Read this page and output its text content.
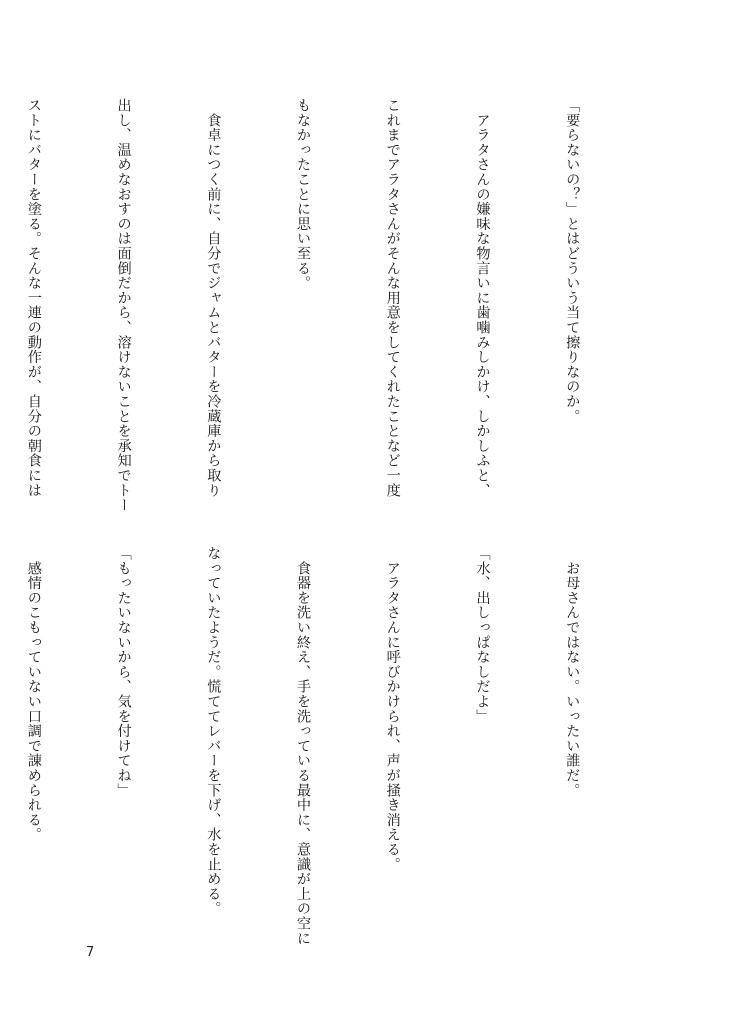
「要らないの？」とはどういう当て擦りなのか。

　アラタさんの嫌味な物言いに歯噛みしかけ、しかしふと、

これまでアラタさんがそんな用意をしてくれたことなど一度

もなかったことに思い至る。

　食卓につく前に、自分でジャムとバターを冷蔵庫から取り

出し、温めなおすのは面倒だから、溶けないことを承知でトー

ストにバターを塗る。そんな一連の動作が、自分の朝食には

　お母さんではない。いったい誰だ。

「水、出しっぱなしだよ」

　アラタさんに呼びかけられ、声が掻き消える。

　食器を洗い終え、手を洗っている最中に、意識が上の空に

なっていたようだ。慌ててレバーを下げ、水を止める。

「もったいないから、気を付けてね」

　感情のこもっていない口調で諌められる。

7
